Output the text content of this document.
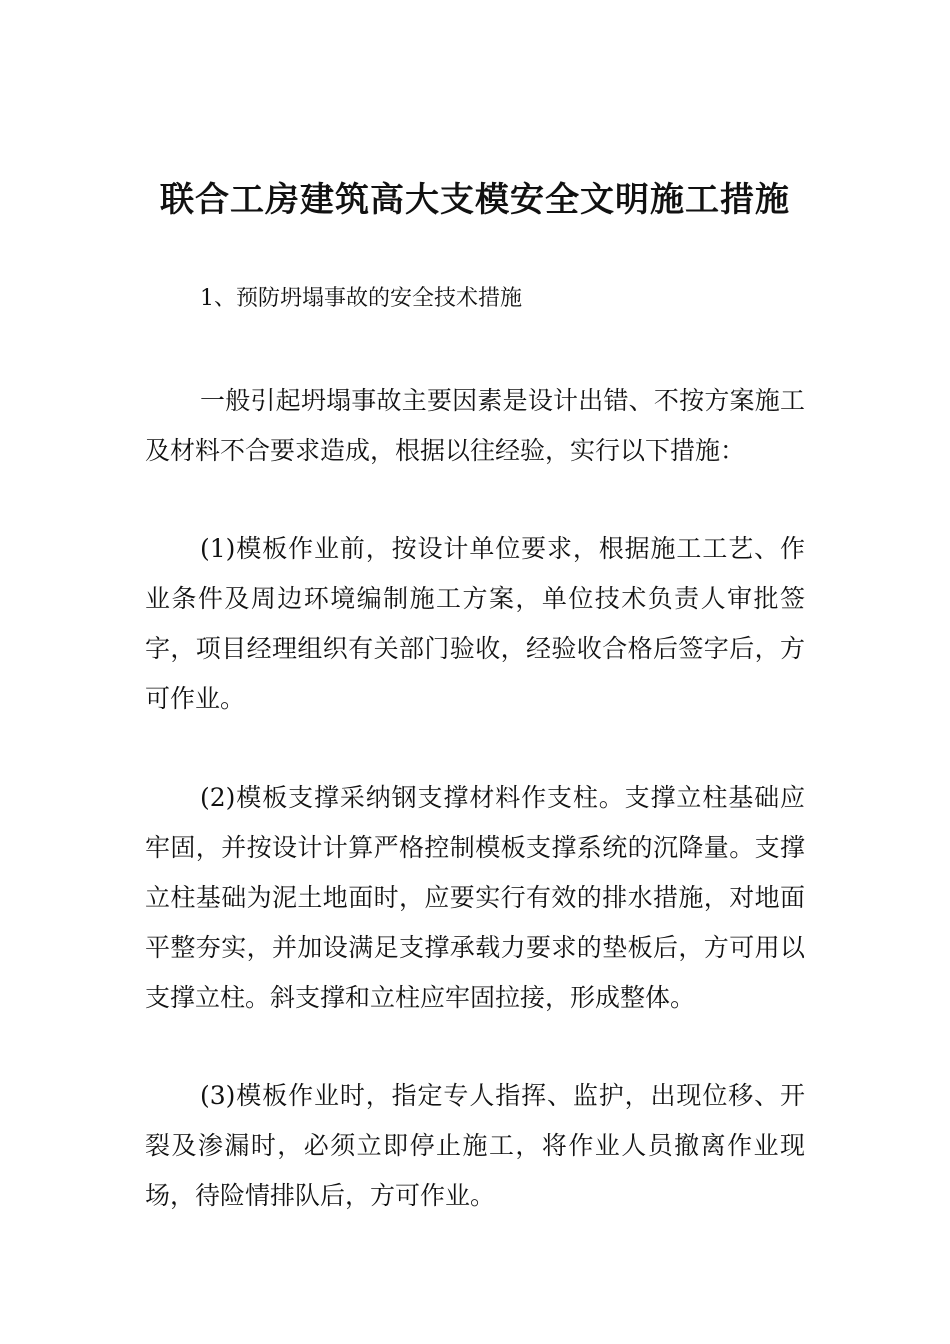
联合工房建筑高大支模安全文明施工措施

1、预防坍塌事故的安全技术措施

一般引起坍塌事故主要因素是设计出错、不按方案施工及材料不合要求造成，根据以往经验，实行以下措施：

(1)模板作业前，按设计单位要求，根据施工工艺、作业条件及周边环境编制施工方案，单位技术负责人审批签字，项目经理组织有关部门验收，经验收合格后签字后，方可作业。

(2)模板支撑采纳钢支撑材料作支柱。支撑立柱基础应牢固，并按设计计算严格控制模板支撑系统的沉降量。支撑立柱基础为泥土地面时，应要实行有效的排水措施，对地面平整夯实，并加设满足支撑承载力要求的垫板后，方可用以支撑立柱。斜支撑和立柱应牢固拉接，形成整体。

(3)模板作业时，指定专人指挥、监护，出现位移、开裂及渗漏时，必须立即停止施工，将作业人员撤离作业现场，待险情排队后，方可作业。
